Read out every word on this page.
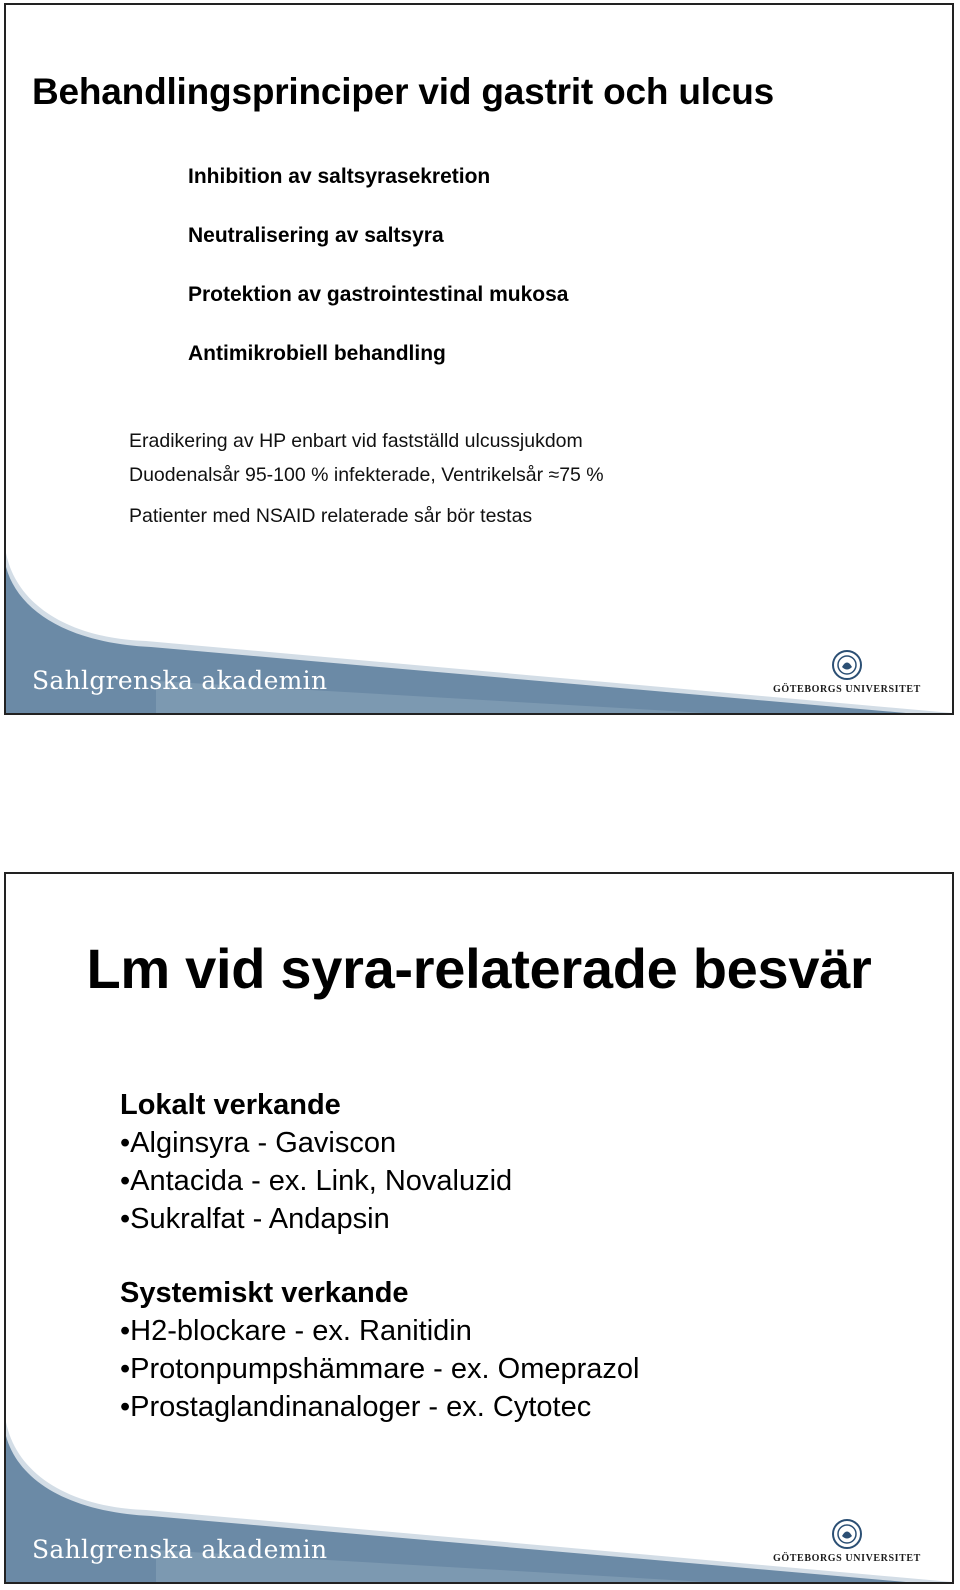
Behandlingsprinciper vid gastrit och ulcus
Inhibition av saltsyrasekretion
Neutralisering av saltsyra
Protektion av gastrointestinal mukosa
Antimikrobiell behandling
Eradikering av HP enbart vid fastställd ulcussjukdom
Duodenalsår 95-100 % infekterade, Ventrikelsår ≈75 %
Patienter med NSAID relaterade sår bör testas
Sahlgrenska akademin	GÖTEBORGS UNIVERSITET
Lm vid syra-relaterade besvär

Lokalt verkande

• Alginsyra - Gaviscon
• Antacida - ex. Link, Novaluzid
• Sukralfat - Andapsin

Systemiskt verkande

• H2-blockare - ex. Ranitidin
• Protonpumpshämmare - ex. Omeprazol
• Prostaglandinanaloger - ex. Cytotec
Sahlgrenska akademin	GÖTEBORGS UNIVERSITET
